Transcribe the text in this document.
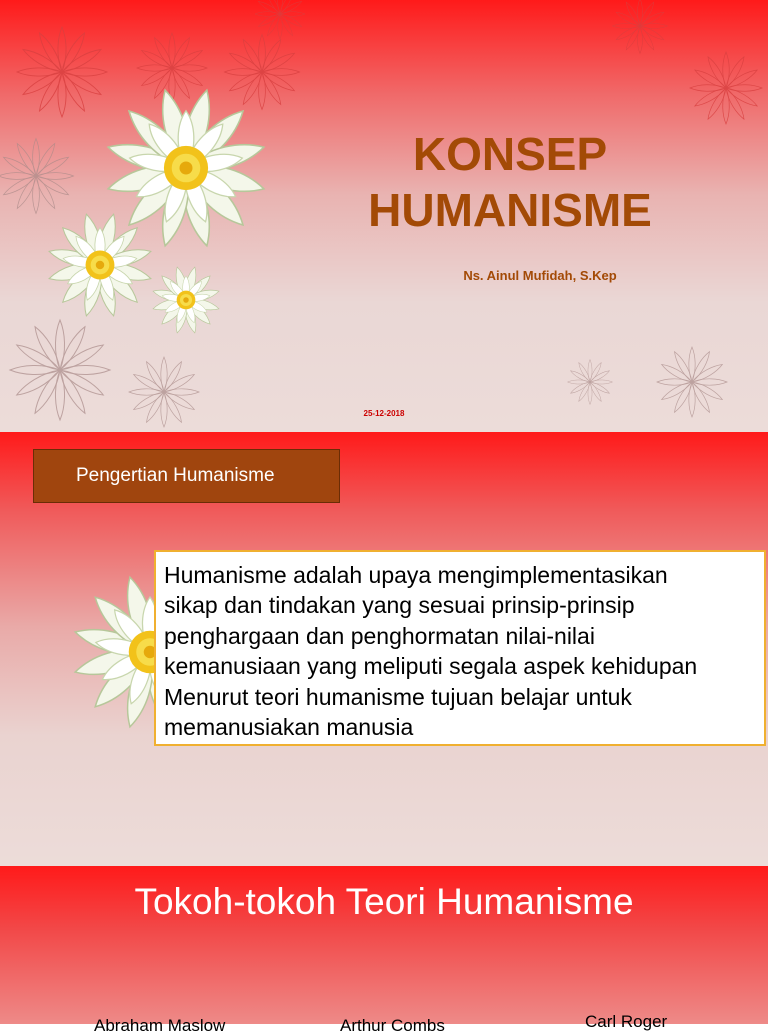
KONSEP
HUMANISME
Ns. Ainul Mufidah, S.Kep
25-12-2018
Pengertian Humanisme
Humanisme adalah upaya mengimplementasikan
sikap dan tindakan yang sesuai prinsip-prinsip
penghargaan dan penghormatan nilai-nilai
kemanusiaan yang meliputi segala aspek kehidupan
Menurut teori humanisme tujuan belajar untuk
memanusiakan manusia
Tokoh-tokoh Teori Humanisme
Abraham Maslow	Arthur Combs	Carl Roger
